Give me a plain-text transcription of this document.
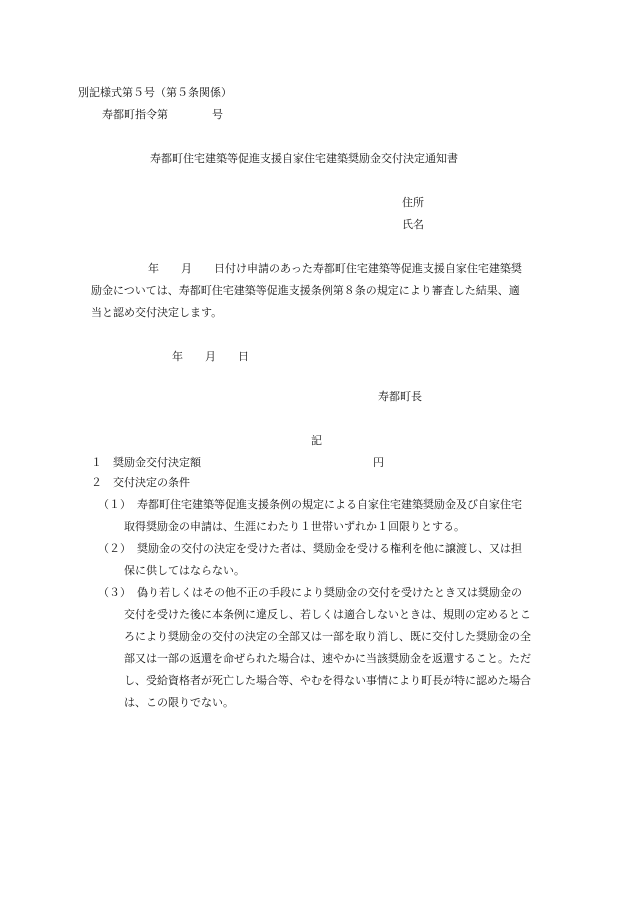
別記様式第５号（第５条関係）
寿都町指令第　　　　号
寿都町住宅建築等促進支援自家住宅建築奨励金交付決定通知書
住所
氏名
年　　月　　日付け申請のあった寿都町住宅建築等促進支援自家住宅建築奨
励金については、寿都町住宅建築等促進支援条例第８条の規定により審査した結果、適
当と認め交付決定します。
年　　月　　日
寿都町長
記
１ 奨励金交付決定額	円
２ 交付決定の条件
（１） 寿都町住宅建築等促進支援条例の規定による自家住宅建築奨励金及び自家住宅
取得奨励金の申請は、生涯にわたり１世帯いずれか１回限りとする。
（２） 奨励金の交付の決定を受けた者は、奨励金を受ける権利を他に譲渡し、又は担
保に供してはならない。
（３） 偽り若しくはその他不正の手段により奨励金の交付を受けたとき又は奨励金の
交付を受けた後に本条例に違反し、若しくは適合しないときは、規則の定めるとこ
ろにより奨励金の交付の決定の全部又は一部を取り消し、既に交付した奨励金の全
部又は一部の返還を命ぜられた場合は、速やかに当該奨励金を返還すること。ただ
し、受給資格者が死亡した場合等、やむを得ない事情により町長が特に認めた場合
は、この限りでない。
